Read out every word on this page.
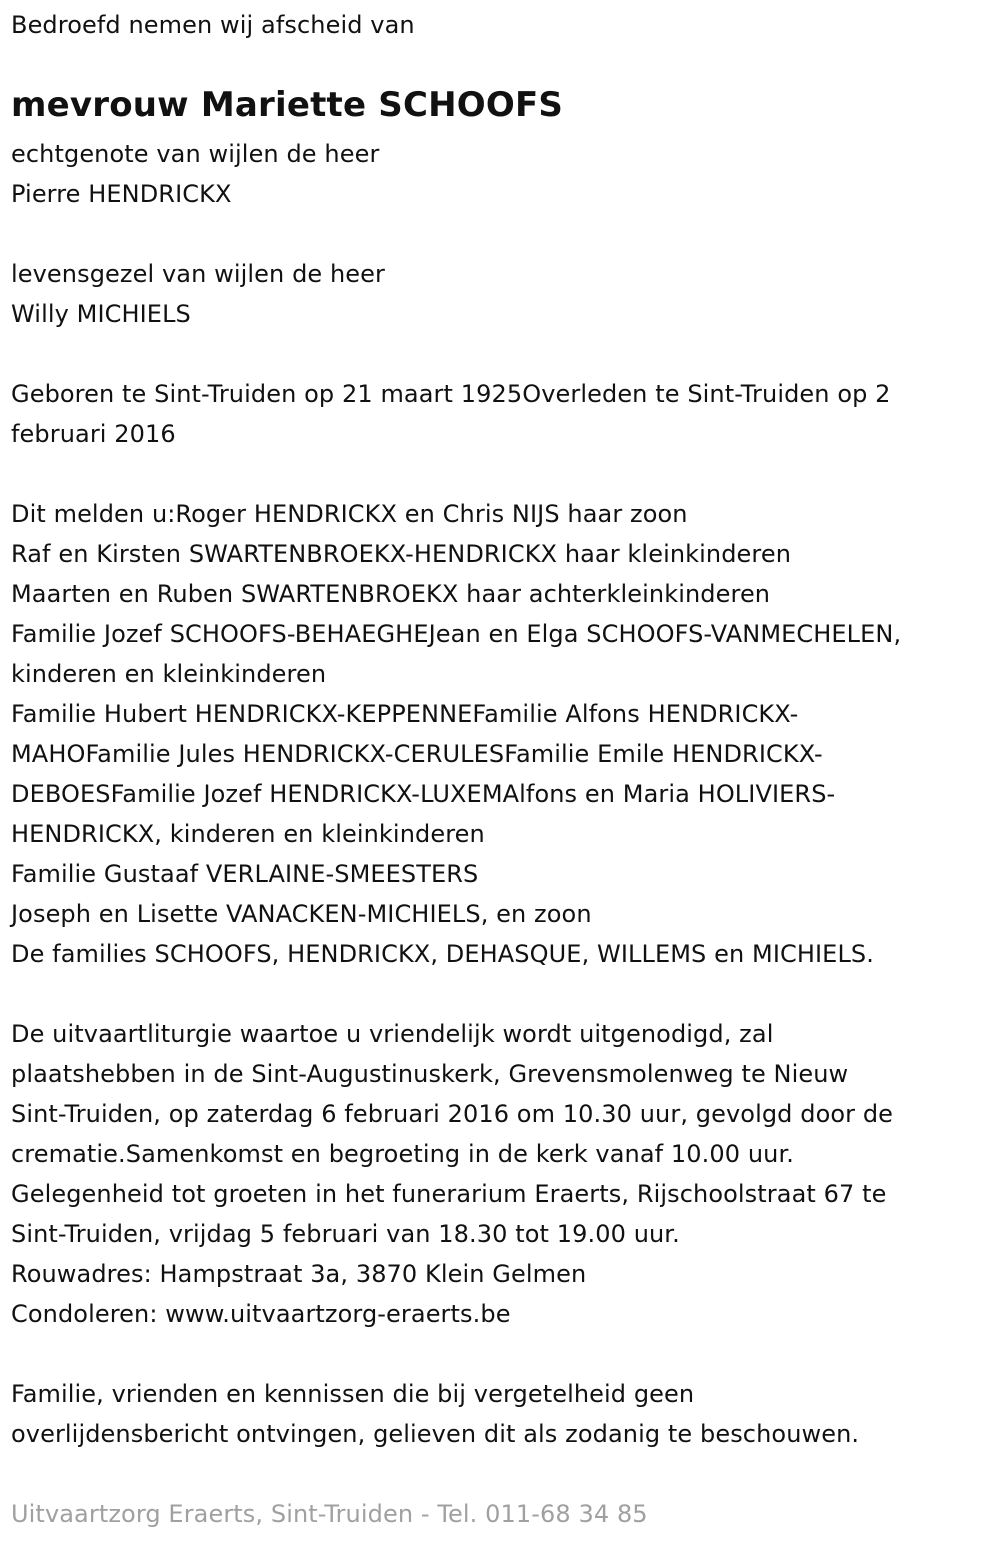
Bedroefd nemen wij afscheid van
mevrouw Mariette SCHOOFS
echtgenote van wijlen de heer
Pierre HENDRICKX
levensgezel van wijlen de heer
Willy MICHIELS
Geboren te Sint-Truiden op 21 maart 1925Overleden te Sint-Truiden op 2
februari 2016
Dit melden u:Roger HENDRICKX en Chris NIJS haar zoon
Raf en Kirsten SWARTENBROEKX-HENDRICKX haar kleinkinderen
Maarten en Ruben SWARTENBROEKX haar achterkleinkinderen
Familie Jozef SCHOOFS-BEHAEGHEJean en Elga SCHOOFS-VANMECHELEN,
kinderen en kleinkinderen
Familie Hubert HENDRICKX-KEPPENNEFamilie Alfons HENDRICKX-
MAHOFamilie Jules HENDRICKX-CERULESFamilie Emile HENDRICKX-
DEBOESFamilie Jozef HENDRICKX-LUXEMAlfons en Maria HOLIVIERS-
HENDRICKX, kinderen en kleinkinderen
Familie Gustaaf VERLAINE-SMEESTERS
Joseph en Lisette VANACKEN-MICHIELS, en zoon
De families SCHOOFS, HENDRICKX, DEHASQUE, WILLEMS en MICHIELS.
De uitvaartliturgie waartoe u vriendelijk wordt uitgenodigd, zal
plaatshebben in de Sint-Augustinuskerk, Grevensmolenweg te Nieuw
Sint-Truiden, op zaterdag 6 februari 2016 om 10.30 uur, gevolgd door de
crematie.Samenkomst en begroeting in de kerk vanaf 10.00 uur.
Gelegenheid tot groeten in het funerarium Eraerts, Rijschoolstraat 67 te
Sint-Truiden, vrijdag 5 februari van 18.30 tot 19.00 uur.
Rouwadres: Hampstraat 3a, 3870 Klein Gelmen
Condoleren: www.uitvaartzorg-eraerts.be
Familie, vrienden en kennissen die bij vergetelheid geen
overlijdensbericht ontvingen, gelieven dit als zodanig te beschouwen.
Uitvaartzorg Eraerts, Sint-Truiden - Tel. 011-68 34 85
